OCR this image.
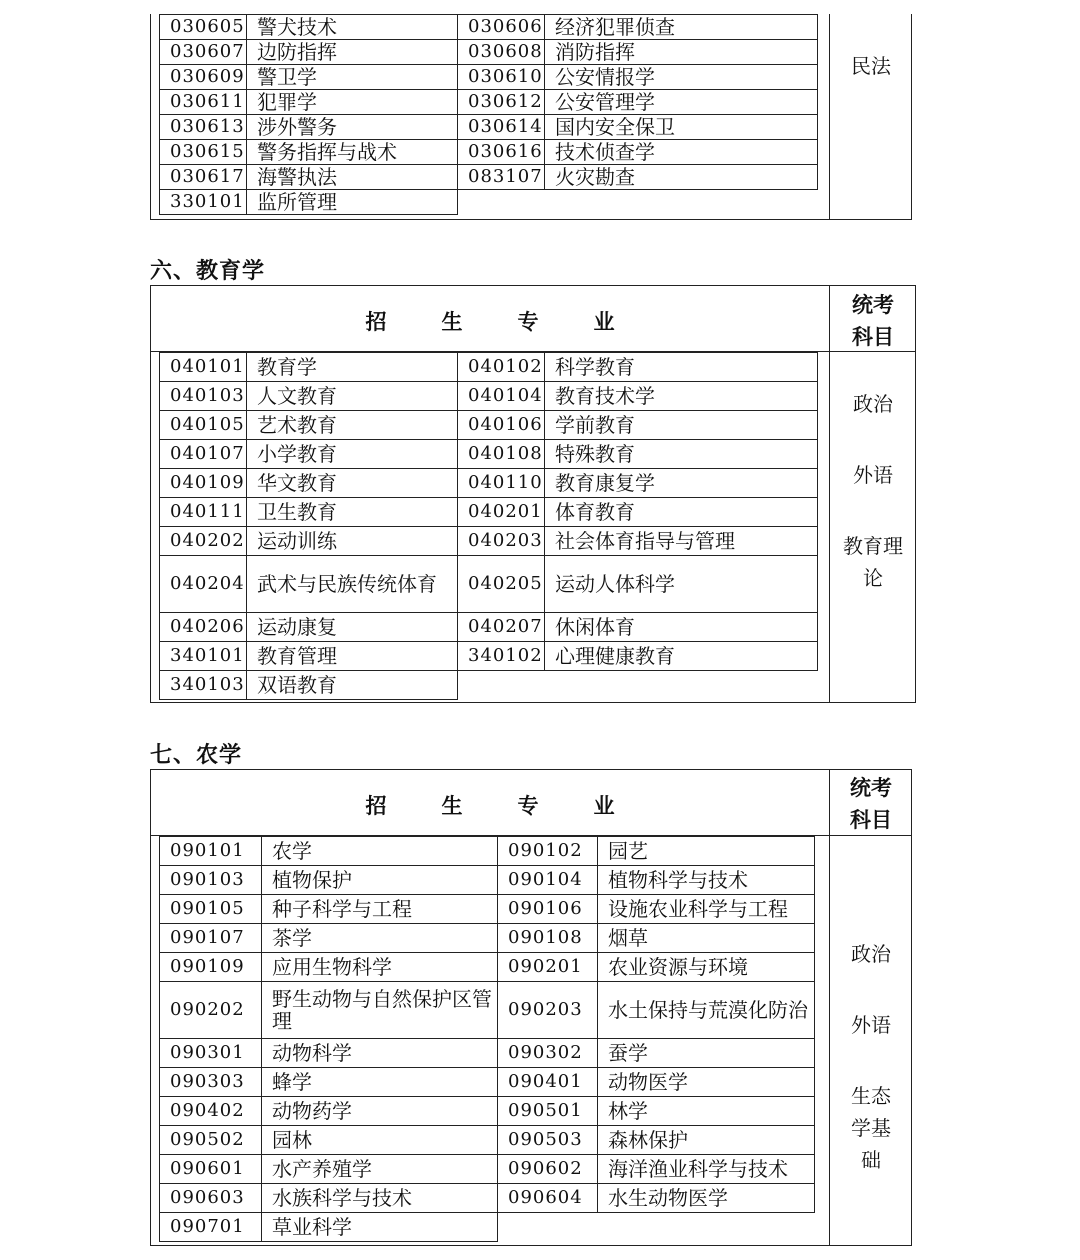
030605	警犬技术	030606	经济犯罪侦查
030607	边防指挥	030608	消防指挥
030609	警卫学	030610	公安情报学
030611	犯罪学	030612	公安管理学
030613	涉外警务	030614	国内安全保卫
030615	警务指挥与战术	030616	技术侦查学
030617	海警执法	083107	火灾勘查
330101	监所管理		
民法
六、教育学
招	生	专	业
统考
科目
040101	教育学	040102	科学教育
040103	人文教育	040104	教育技术学
040105	艺术教育	040106	学前教育
040107	小学教育	040108	特殊教育
040109	华文教育	040110	教育康复学
040111	卫生教育	040201	体育教育
040202	运动训练	040203	社会体育指导与管理
040204	武术与民族传统体育	040205	运动人体科学
040206	运动康复	040207	休闲体育
340101	教育管理	340102	心理健康教育
340103	双语教育		
政治
外语
教育理论
七、农学
招	生	专	业
统考
科目
090101	农学	090102	园艺
090103	植物保护	090104	植物科学与技术
090105	种子科学与工程	090106	设施农业科学与工程
090107	茶学	090108	烟草
090109	应用生物科学	090201	农业资源与环境
090202	野生动物与自然保护区管理	090203	水土保持与荒漠化防治
090301	动物科学	090302	蚕学
090303	蜂学	090401	动物医学
090402	动物药学	090501	林学
090502	园林	090503	森林保护
090601	水产养殖学	090602	海洋渔业科学与技术
090603	水族科学与技术	090604	水生动物医学
090701	草业科学		
政治
外语
生态学基础
